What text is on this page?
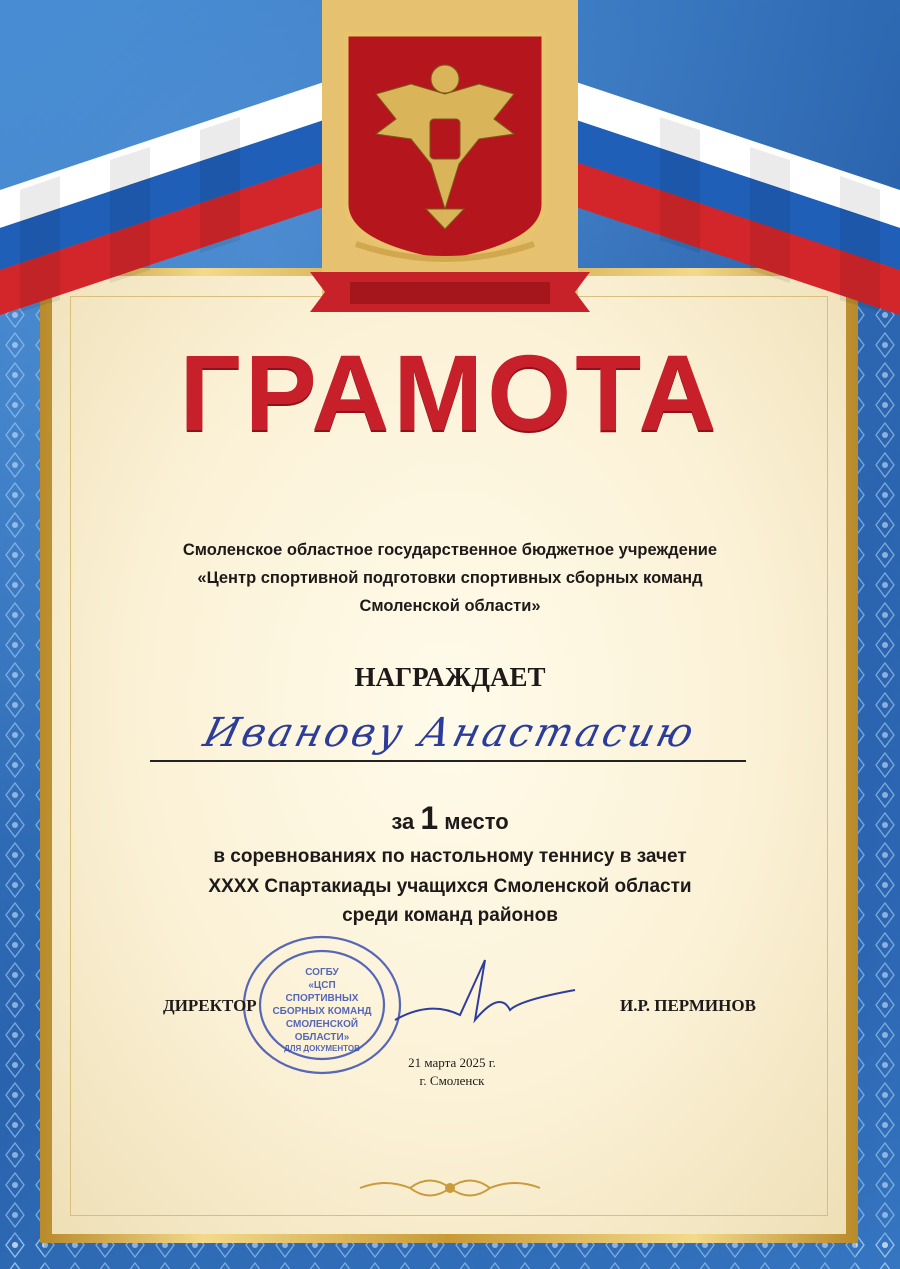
ГРАМОТА
Смоленское областное государственное бюджетное учреждение
«Центр спортивной подготовки спортивных сборных команд
Смоленской области»
НАГРАЖДАЕТ
Иванову Анастасию
за 1 место
в соревнованиях по настольному теннису в зачет
XXXX Спартакиады учащихся Смоленской области
среди команд районов
СОГБУ
«ЦСП
СПОРТИВНЫХ
СБОРНЫХ КОМАНД
СМОЛЕНСКОЙ
ОБЛАСТИ»
ДЛЯ ДОКУМЕНТОВ
ДИРЕКТОР	И.Р. ПЕРМИНОВ
21 марта 2025 г.
г. Смоленск
